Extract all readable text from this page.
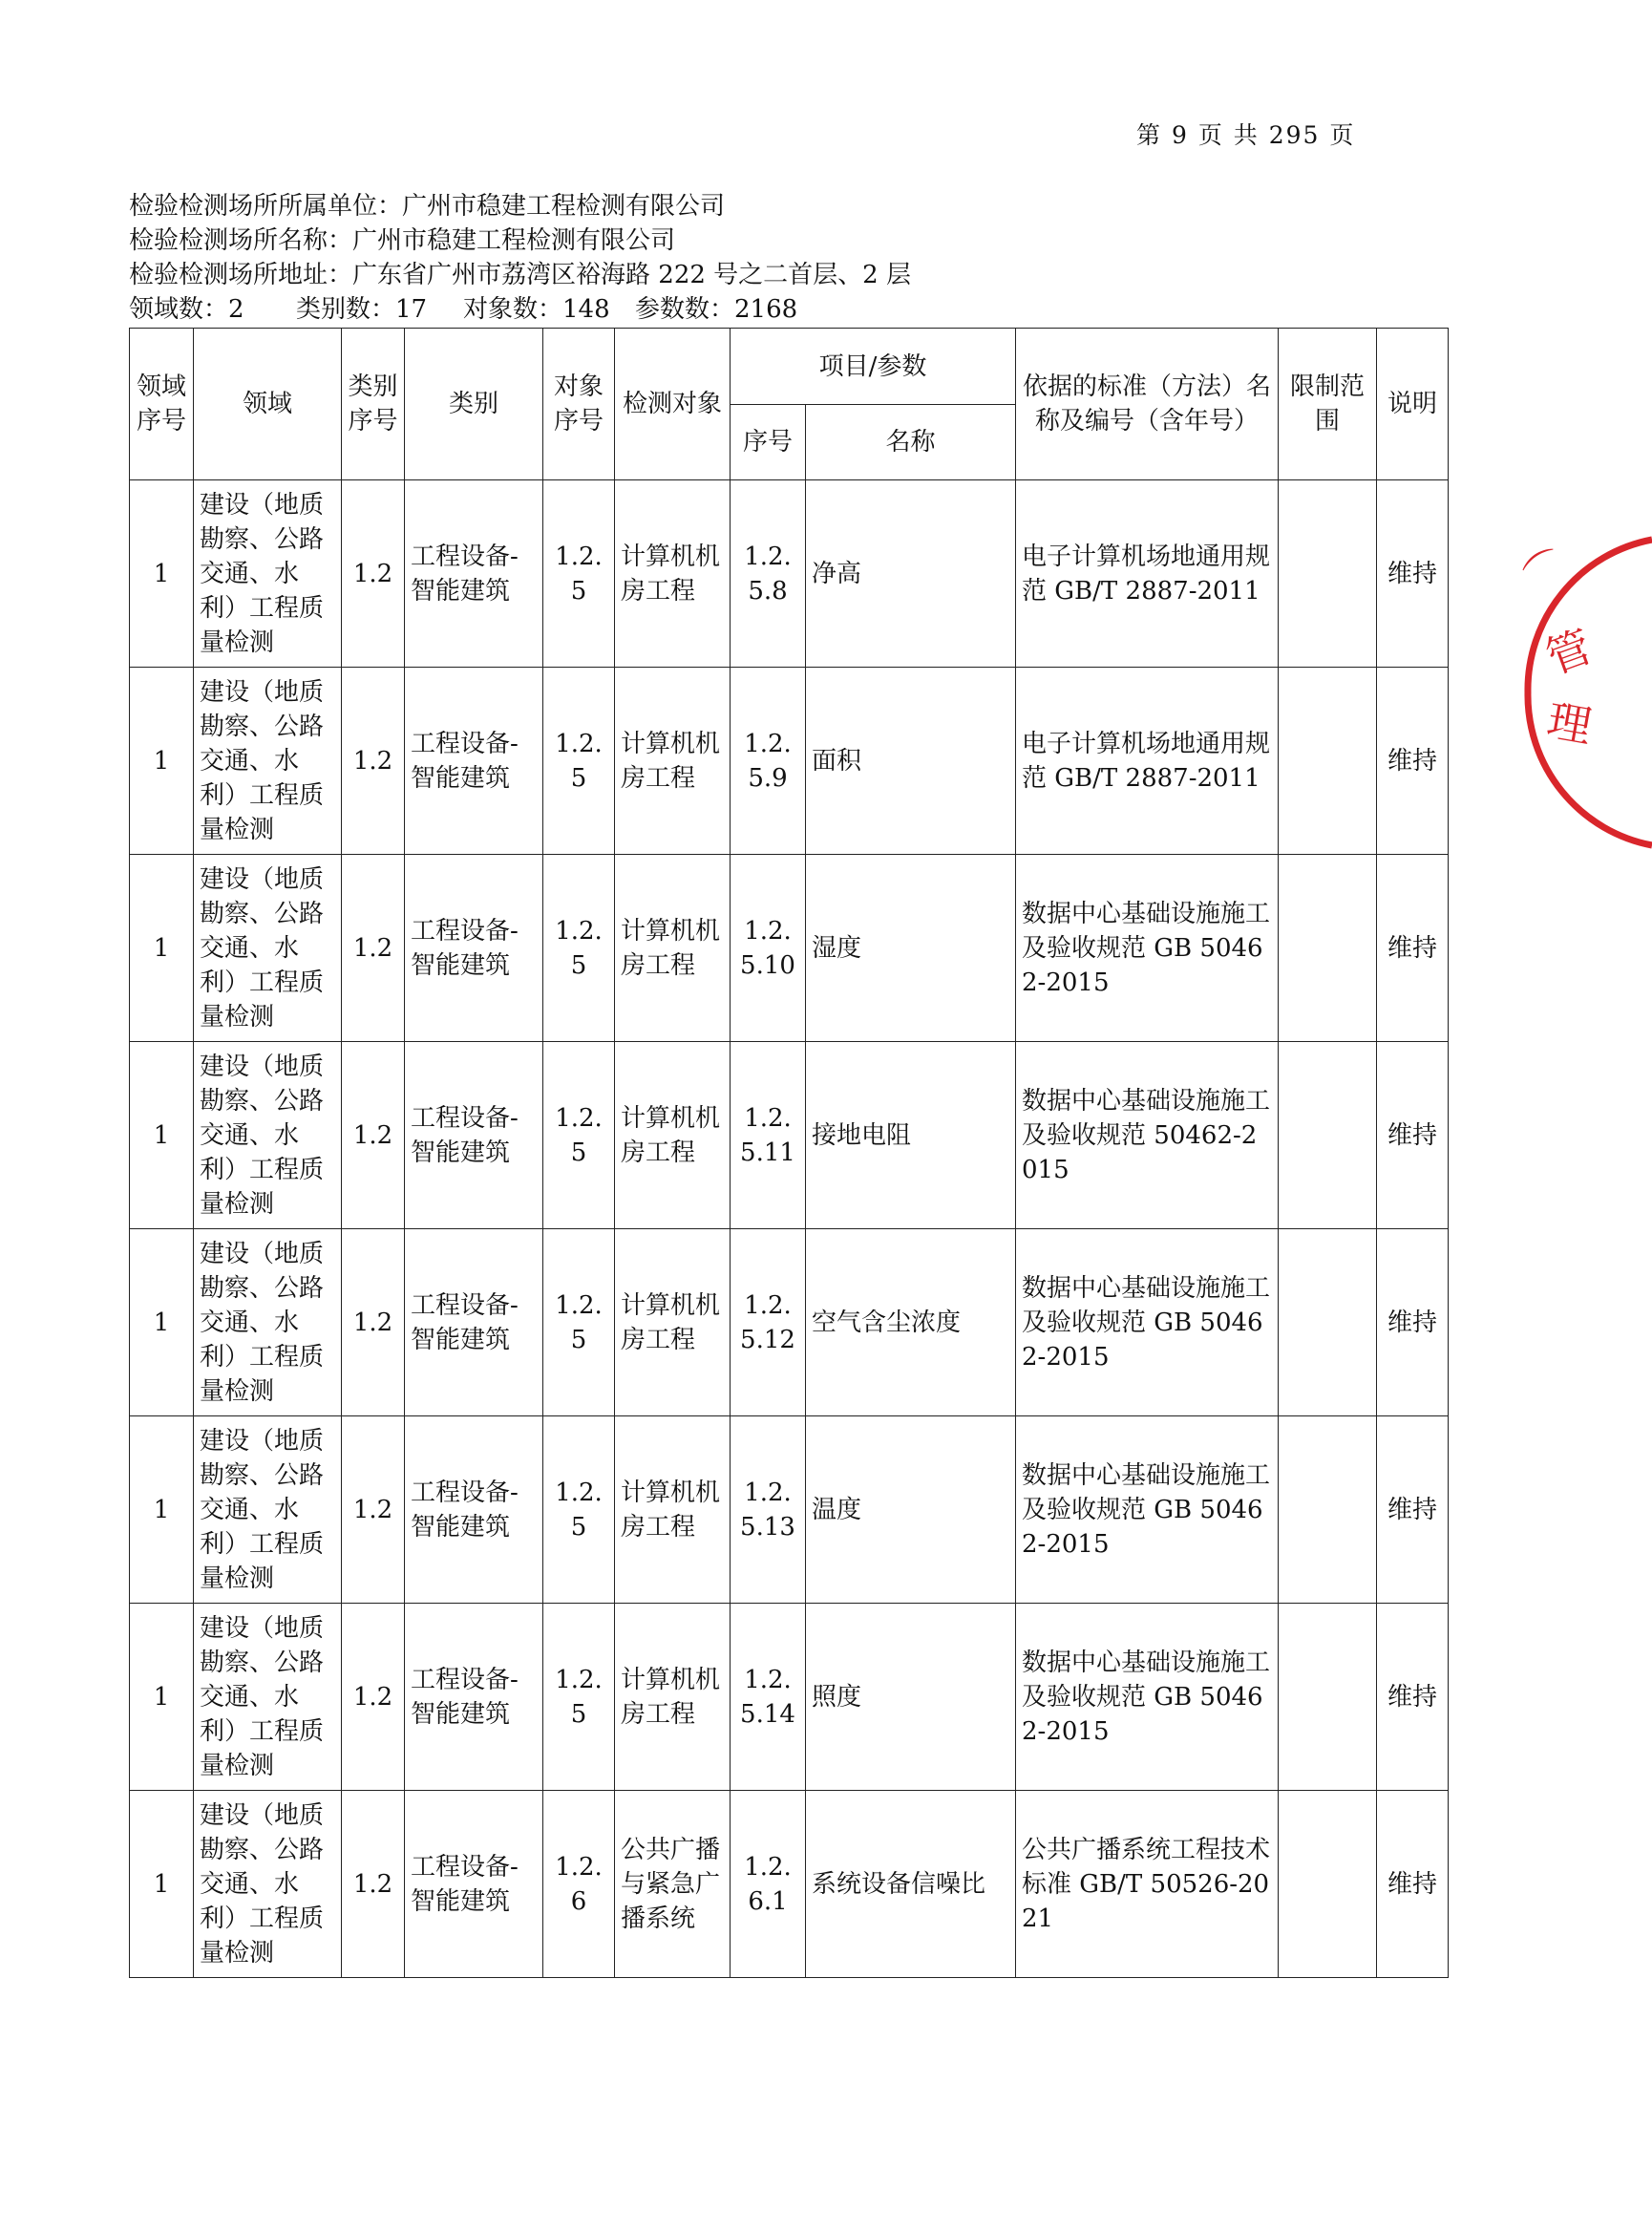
第 9 页 共 295 页
检验检测场所所属单位：广州市稳建工程检测有限公司
检验检测场所名称：广州市稳建工程检测有限公司
检验检测场所地址：广东省广州市荔湾区裕海路 222 号之二首层、2 层
领域数：2 类别数：17 对象数：148 参数数：2168
领域序号	领域	类别序号	类别	对象序号	检测对象	项目/参数		依据的标准（方法）名称及编号（含年号）	限制范围	说明
						序号	名称			
1	建设（地质勘察、公路交通、水利）工程质量检测	1.2	工程设备-智能建筑	1.2.5	计算机机房工程	1.2.5.8	净高	电子计算机场地通用规范 GB/T 2887-2011		维持
1	建设（地质勘察、公路交通、水利）工程质量检测	1.2	工程设备-智能建筑	1.2.5	计算机机房工程	1.2.5.9	面积	电子计算机场地通用规范 GB/T 2887-2011		维持
1	建设（地质勘察、公路交通、水利）工程质量检测	1.2	工程设备-智能建筑	1.2.5	计算机机房工程	1.2.5.10	湿度	数据中心基础设施施工及验收规范 GB 50462-2015		维持
1	建设（地质勘察、公路交通、水利）工程质量检测	1.2	工程设备-智能建筑	1.2.5	计算机机房工程	1.2.5.11	接地电阻	数据中心基础设施施工及验收规范 50462-2015		维持
1	建设（地质勘察、公路交通、水利）工程质量检测	1.2	工程设备-智能建筑	1.2.5	计算机机房工程	1.2.5.12	空气含尘浓度	数据中心基础设施施工及验收规范 GB 50462-2015		维持
1	建设（地质勘察、公路交通、水利）工程质量检测	1.2	工程设备-智能建筑	1.2.5	计算机机房工程	1.2.5.13	温度	数据中心基础设施施工及验收规范 GB 50462-2015		维持
1	建设（地质勘察、公路交通、水利）工程质量检测	1.2	工程设备-智能建筑	1.2.5	计算机机房工程	1.2.5.14	照度	数据中心基础设施施工及验收规范 GB 50462-2015		维持
1	建设（地质勘察、公路交通、水利）工程质量检测	1.2	工程设备-智能建筑	1.2.6	公共广播与紧急广播系统	1.2.6.1	系统设备信噪比	公共广播系统工程技术标准 GB/T 50526-2021		维持
⌒
管
理
